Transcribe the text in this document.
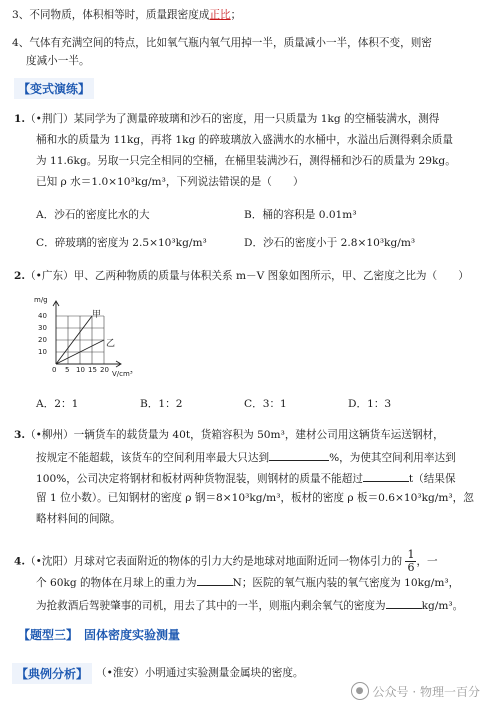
3、不同物质，体积相等时，质量跟密度成正比；
4、气体有充满空间的特点，比如氧气瓶内氧气用掉一半，质量减小一半，体积不变，则密
度减小一半。
【变式演练】
1.（•荆门）某同学为了测量碎玻璃和沙石的密度，用一只质量为 1kg 的空桶装满水，测得
桶和水的质量为 11kg，再将 1kg 的碎玻璃放入盛满水的水桶中，水溢出后测得剩余质量
为 11.6kg。另取一只完全相同的空桶，在桶里装满沙石，测得桶和沙石的质量为 29kg。
已知 ρ 水＝1.0×10³kg/m³，下列说法错误的是（　　）
A．沙石的密度比水的大	B．桶的容积是 0.01m³
C．碎玻璃的密度为 2.5×10³kg/m³	D．沙石的密度小于 2.8×10³kg/m³
2.（•广东）甲、乙两种物质的质量与体积关系 m－V 图象如图所示，甲、乙密度之比为（　　）
m/g
40
30
20
10
0 5 10 15 20 V/cm³
甲
乙
A．2：1	B．1：2	C．3：1	D．1：3
3.（•柳州）一辆货车的载货量为 40t，货箱容积为 50m³，建材公司用这辆货车运送钢材，
按规定不能超载，该货车的空间利用率最大只达到	%，为使其空间利用率达到
100%，公司决定将钢材和板材两种货物混装，则钢材的质量不能超过	t（结果保
留 1 位小数）。已知钢材的密度 ρ 钢＝8×10³kg/m³，板材的密度 ρ 板＝0.6×10³kg/m³，忽
略材料间的间隙。
4.（•沈阳）月球对它表面附近的物体的引力大约是地球对地面附近同一物体引力的 $\frac{1}{6}$ ，一
个 60kg 的物体在月球上的重力为	N；医院的氧气瓶内装的氧气密度为 10kg/m³，
为抢救酒后驾驶肇事的司机，用去了其中的一半，则瓶内剩余氧气的密度为	kg/m³。
【题型三】　固体密度实验测量
【典例分析】 （•淮安）小明通过实验测量金属块的密度。
● 公众号 · 物理一百分
